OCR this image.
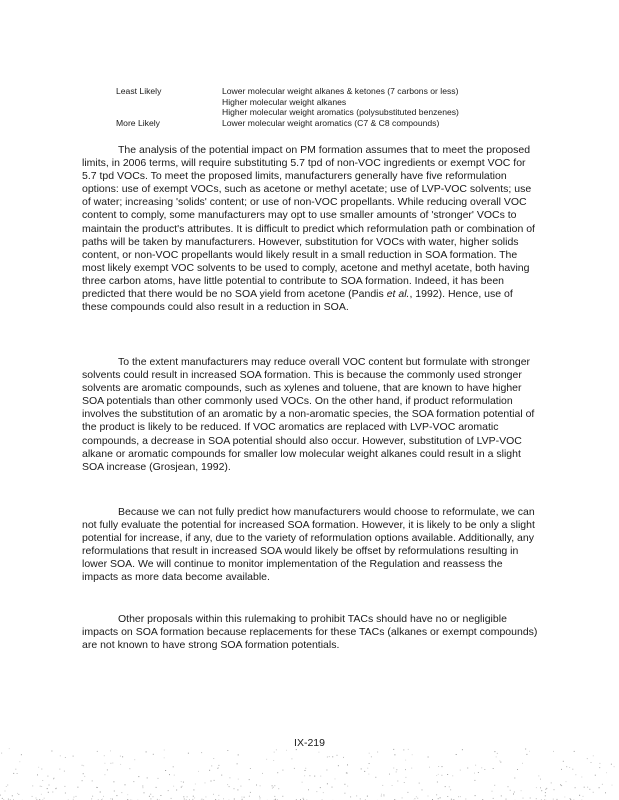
Least Likely	Lower molecular weight alkanes & ketones (7 carbons or less)
Higher molecular weight alkanes
Higher molecular weight aromatics (polysubstituted benzenes)
More Likely	Lower molecular weight aromatics (C7 & C8 compounds)

The analysis of the potential impact on PM formation assumes that to meet the proposed limits, in 2006 terms, will require substituting 5.7 tpd of non-VOC ingredients or exempt VOC for 5.7 tpd VOCs. To meet the proposed limits, manufacturers generally have five reformulation options: use of exempt VOCs, such as acetone or methyl acetate; use of LVP-VOC solvents; use of water; increasing 'solids' content; or use of non-VOC propellants. While reducing overall VOC content to comply, some manufacturers may opt to use smaller amounts of 'stronger' VOCs to maintain the product's attributes. It is difficult to predict which reformulation path or combination of paths will be taken by manufacturers. However, substitution for VOCs with water, higher solids content, or non-VOC propellants would likely result in a small reduction in SOA formation. The most likely exempt VOC solvents to be used to comply, acetone and methyl acetate, both having three carbon atoms, have little potential to contribute to SOA formation. Indeed, it has been predicted that there would be no SOA yield from acetone (Pandis et al., 1992). Hence, use of these compounds could also result in a reduction in SOA.

To the extent manufacturers may reduce overall VOC content but formulate with stronger solvents could result in increased SOA formation. This is because the commonly used stronger solvents are aromatic compounds, such as xylenes and toluene, that are known to have higher SOA potentials than other commonly used VOCs. On the other hand, if product reformulation involves the substitution of an aromatic by a non-aromatic species, the SOA formation potential of the product is likely to be reduced. If VOC aromatics are replaced with LVP-VOC aromatic compounds, a decrease in SOA potential should also occur. However, substitution of LVP-VOC alkane or aromatic compounds for smaller low molecular weight alkanes could result in a slight SOA increase (Grosjean, 1992).

Because we can not fully predict how manufacturers would choose to reformulate, we can not fully evaluate the potential for increased SOA formation. However, it is likely to be only a slight potential for increase, if any, due to the variety of reformulation options available. Additionally, any reformulations that result in increased SOA would likely be offset by reformulations resulting in lower SOA. We will continue to monitor implementation of the Regulation and reassess the impacts as more data become available.

Other proposals within this rulemaking to prohibit TACs should have no or negligible impacts on SOA formation because replacements for these TACs (alkanes or exempt compounds) are not known to have strong SOA formation potentials.

IX-219
